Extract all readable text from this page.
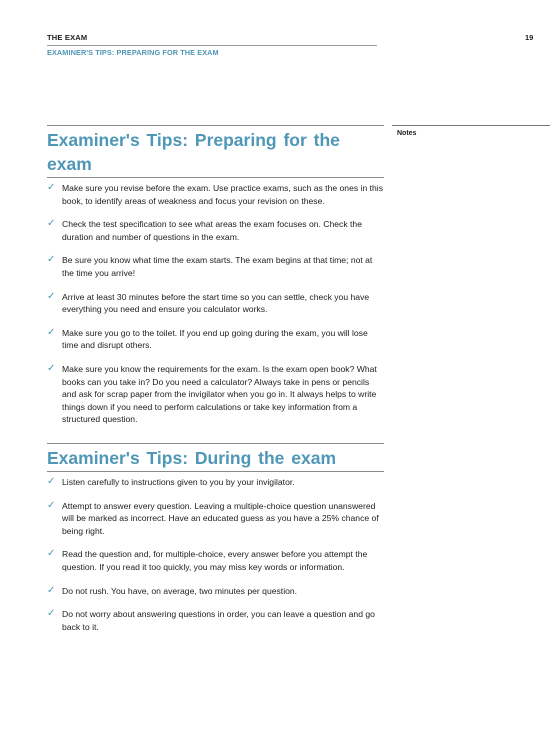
THE EXAM
EXAMINER'S TIPS: PREPARING FOR THE EXAM
19
Notes
Examiner's Tips: Preparing for the exam
✓ Make sure you revise before the exam. Use practice exams, such as the ones in this book, to identify areas of weakness and focus your revision on these.
✓ Check the test specification to see what areas the exam focuses on. Check the duration and number of questions in the exam.
✓ Be sure you know what time the exam starts. The exam begins at that time; not at the time you arrive!
✓ Arrive at least 30 minutes before the start time so you can settle, check you have everything you need and ensure you calculator works.
✓ Make sure you go to the toilet. If you end up going during the exam, you will lose time and disrupt others.
✓ Make sure you know the requirements for the exam. Is the exam open book? What books can you take in? Do you need a calculator? Always take in pens or pencils and ask for scrap paper from the invigilator when you go in. It always helps to write things down if you need to perform calculations or take key information from a structured question.
Examiner's Tips: During the exam
✓ Listen carefully to instructions given to you by your invigilator.
✓ Attempt to answer every question. Leaving a multiple-choice question unanswered will be marked as incorrect. Have an educated guess as you have a 25% chance of being right.
✓ Read the question and, for multiple-choice, every answer before you attempt the question. If you read it too quickly, you may miss key words or information.
✓ Do not rush. You have, on average, two minutes per question.
✓ Do not worry about answering questions in order, you can leave a question and go back to it.
